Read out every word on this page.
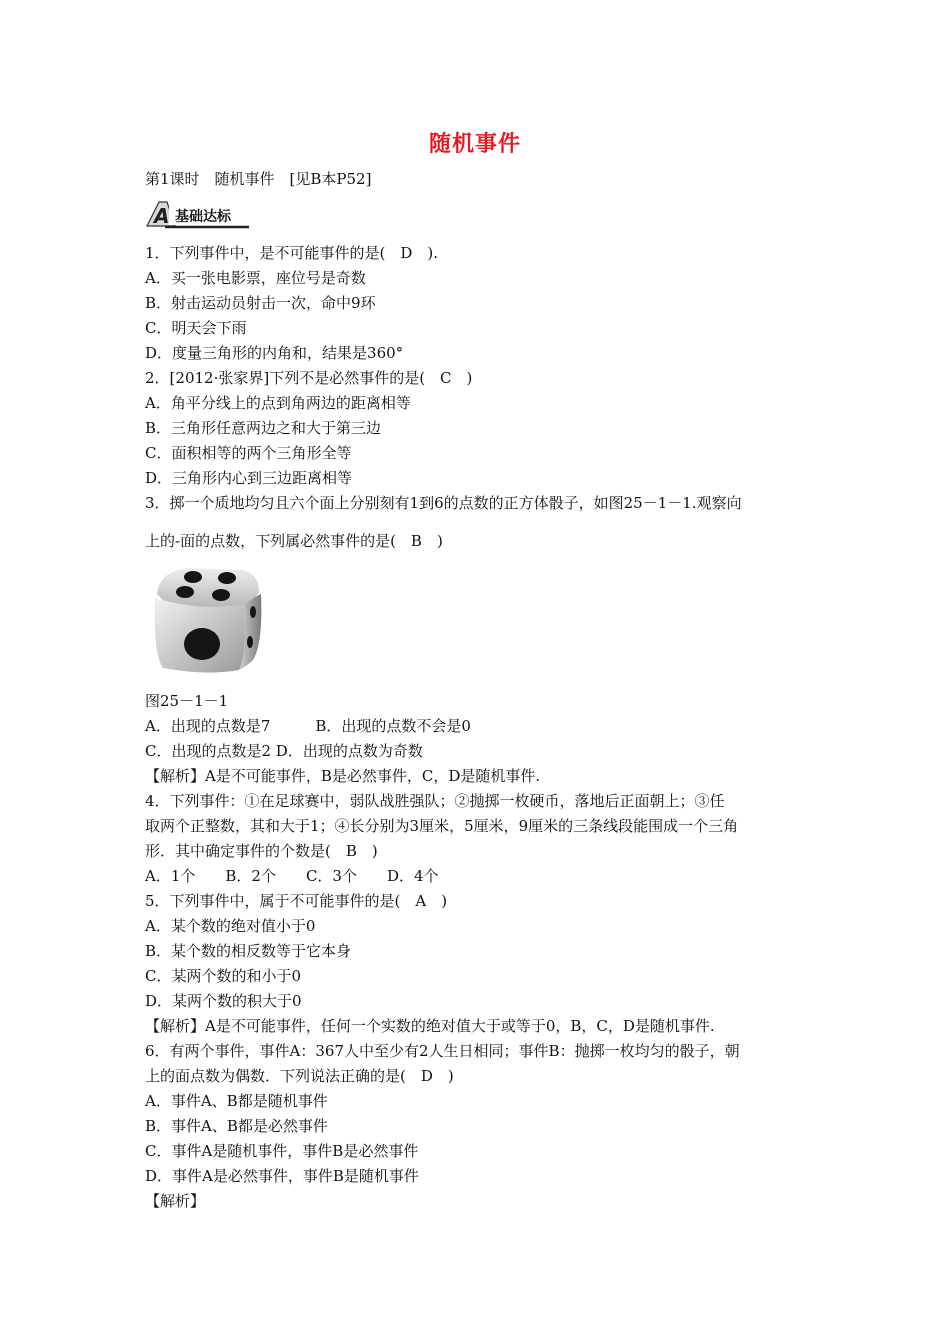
随机事件
第1课时　随机事件　[见B本P52]
A 基础达标
1．下列事件中，是不可能事件的是(　D　).
A．买一张电影票，座位号是奇数
B．射击运动员射击一次，命中9环
C．明天会下雨
D．度量三角形的内角和，结果是360°
2．[2012·张家界]下列不是必然事件的是(　C　)
A．角平分线上的点到角两边的距离相等
B．三角形任意两边之和大于第三边
C．面积相等的两个三角形全等
D．三角形内心到三边距离相等
3．掷一个质地均匀且六个面上分别刻有1到6的点数的正方体骰子，如图25－1－1.观察向
上的-面的点数，下列属必然事件的是(　B　)
图25－1－1
A．出现的点数是7　　　B．出现的点数不会是0
C．出现的点数是2 D．出现的点数为奇数
【解析】A是不可能事件，B是必然事件，C，D是随机事件.
4．下列事件：①在足球赛中，弱队战胜强队；②抛掷一枚硬币，落地后正面朝上；③任
取两个正整数，其和大于1；④长分别为3厘米，5厘米，9厘米的三条线段能围成一个三角
形．其中确定事件的个数是(　B　)
A．1个　　B．2个　　C．3个　　D．4个
5．下列事件中，属于不可能事件的是(　A　)
A．某个数的绝对值小于0
B．某个数的相反数等于它本身
C．某两个数的和小于0
D．某两个数的积大于0
【解析】A是不可能事件，任何一个实数的绝对值大于或等于0，B，C，D是随机事件.
6．有两个事件，事件A：367人中至少有2人生日相同；事件B：抛掷一枚均匀的骰子，朝
上的面点数为偶数．下列说法正确的是(　D　)
A．事件A、B都是随机事件
B．事件A、B都是必然事件
C．事件A是随机事件，事件B是必然事件
D．事件A是必然事件，事件B是随机事件
【解析】
